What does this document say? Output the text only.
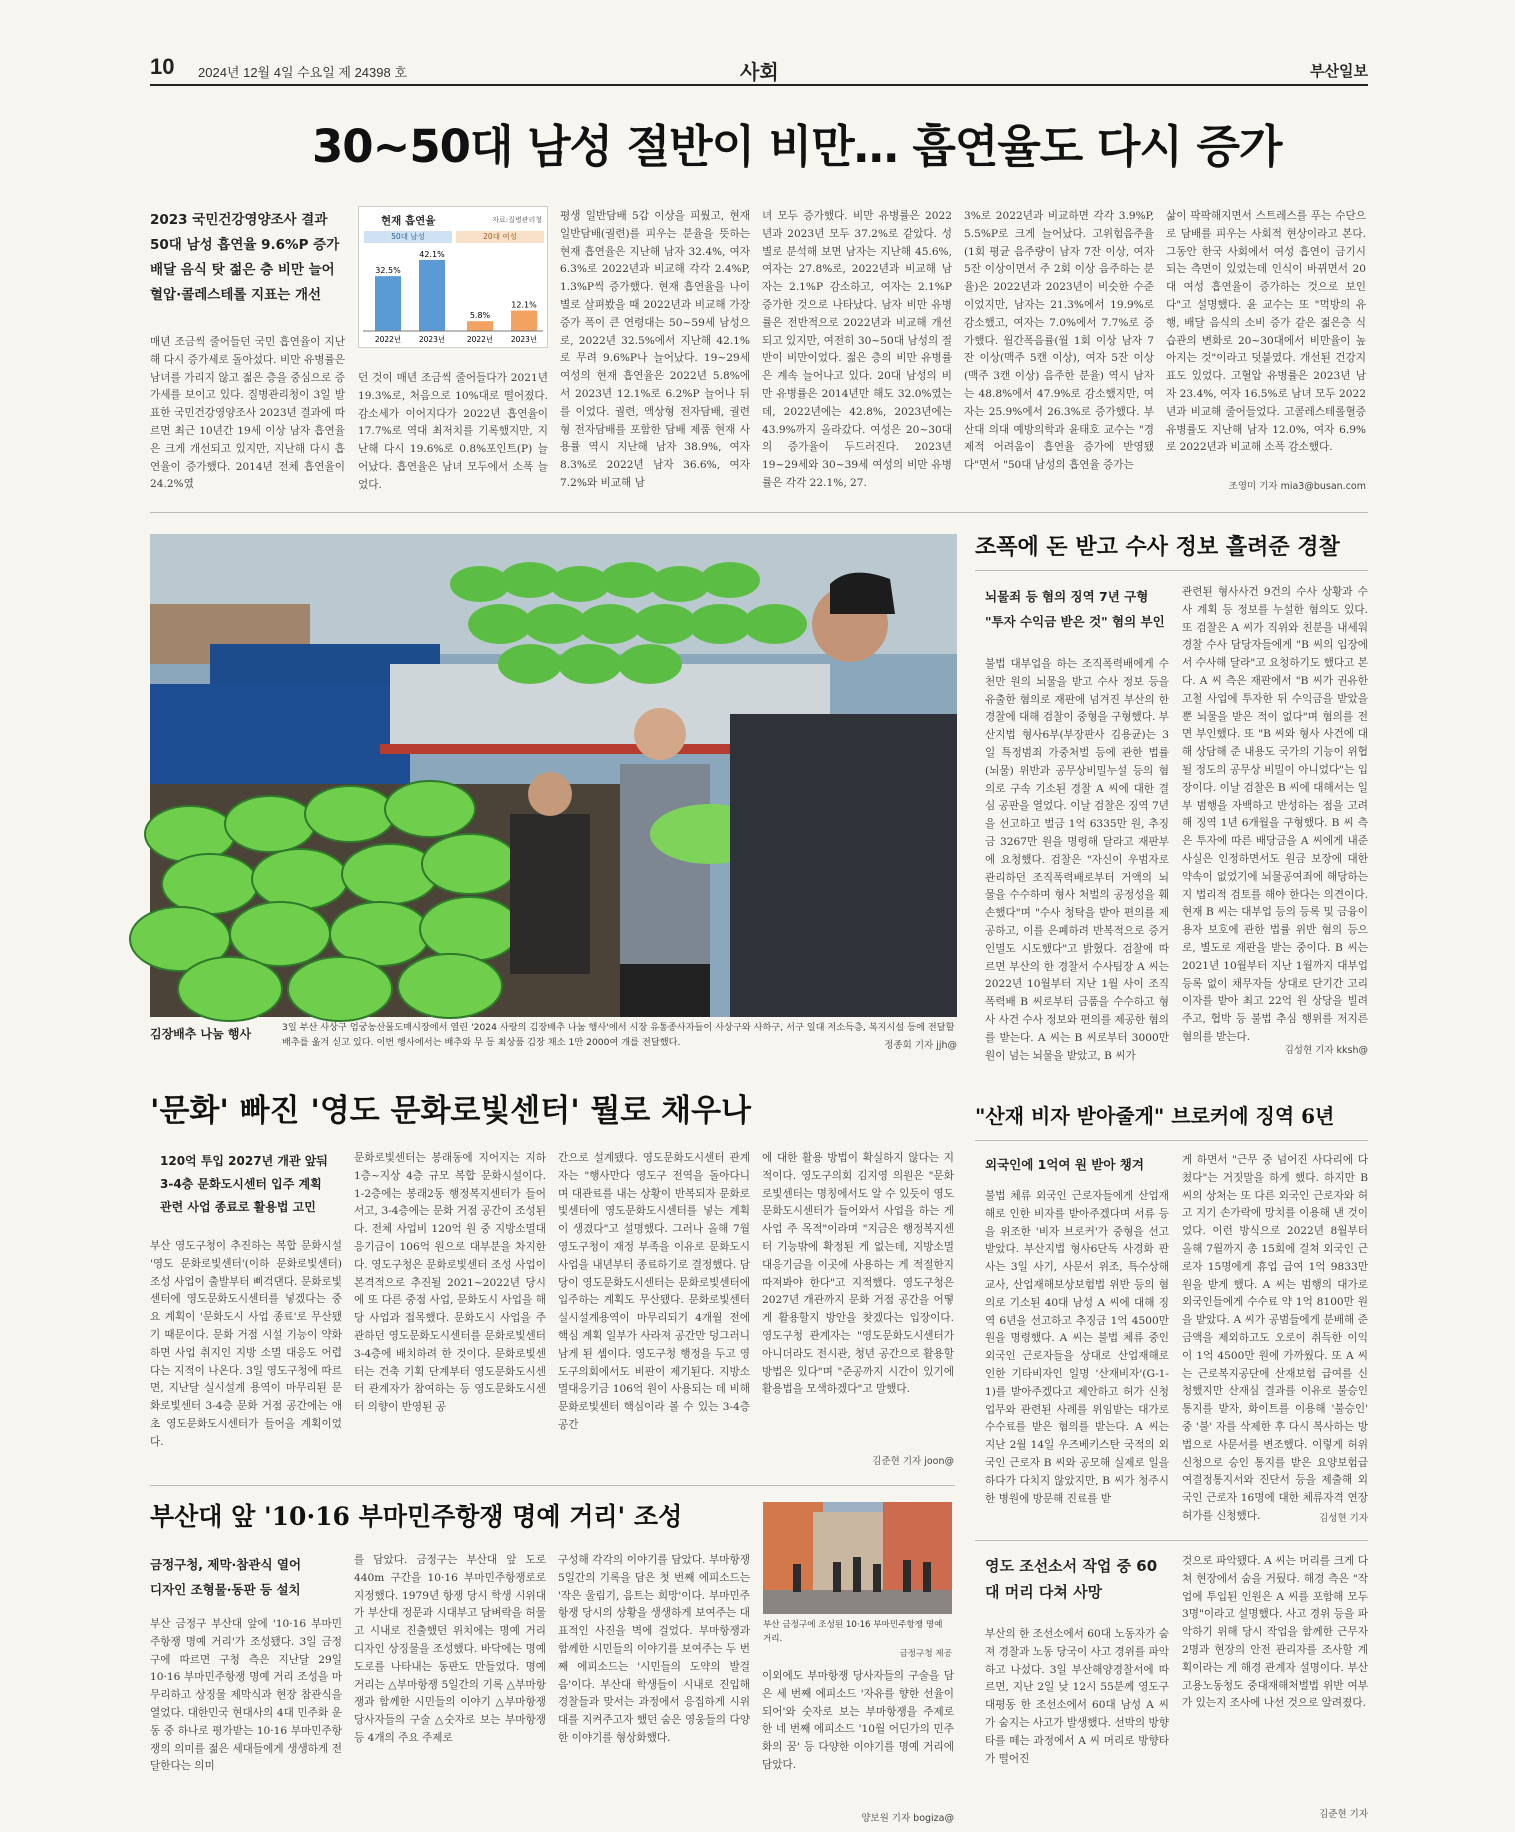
10 2024년 12월 4일 수요일 제 24398 호	사회	부산일보
30~50대 남성 절반이 비만… 흡연율도 다시 증가
2023 국민건강영양조사 결과
50대 남성 흡연율 9.6%P 증가
배달 음식 탓 젊은 층 비만 늘어
혈압·콜레스테롤 지표는 개선
현재 흡연율	자료:질병관리청
50대 남성	20대 여성
32.5%
2022년
42.1%
2023년
5.8%
2022년
12.1%
2023년
매년 조금씩 줄어들던 국민 흡연율이 지난해 다시 증가세로 돌아섰다. 비만 유병률은 남녀를 가리지 않고 젊은 층을 중심으로 증가세를 보이고 있다. 질병관리청이 3일 발표한 국민건강영양조사 2023년 결과에 따르면 최근 10년간 19세 이상 남자 흡연율은 크게 개선되고 있지만, 지난해 다시 흡연율이 증가했다. 2014년 전체 흡연율이 24.2%였
던 것이 매년 조금씩 줄어들다가 2021년 19.3%로, 처음으로 10%대로 떨어졌다. 감소세가 이어지다가 2022년 흡연율이 17.7%로 역대 최저치를 기록했지만, 지난해 다시 19.6%로 0.8%포인트(P) 늘어났다. 흡연율은 남녀 모두에서 소폭 늘었다.
평생 일반담배 5갑 이상을 피웠고, 현재 일반담배(궐련)를 피우는 분율을 뜻하는 현재 흡연율은 지난해 남자 32.4%, 여자 6.3%로 2022년과 비교해 각각 2.4%P, 1.3%P씩 증가했다. 현재 흡연율을 나이별로 살펴봤을 때 2022년과 비교해 가장 증가 폭이 큰 연령대는 50~59세 남성으로, 2022년 32.5%에서 지난해 42.1%로 무려 9.6%P나 늘어났다. 19~29세 여성의 현재 흡연율은 2022년 5.8%에서 2023년 12.1%로 6.2%P 늘어나 뒤를 이었다. 궐련, 액상형 전자담배, 궐련형 전자담배를 포함한 담배 제품 현재 사용률 역시 지난해 남자 38.9%, 여자 8.3%로 2022년 남자 36.6%, 여자 7.2%와 비교해 남
녀 모두 증가했다. 비만 유병률은 2022년과 2023년 모두 37.2%로 같았다. 성별로 분석해 보면 남자는 지난해 45.6%, 여자는 27.8%로, 2022년과 비교해 남자는 2.1%P 감소하고, 여자는 2.1%P 증가한 것으로 나타났다. 남자 비만 유병률은 전반적으로 2022년과 비교해 개선되고 있지만, 여전히 30~50대 남성의 절반이 비만이었다. 젊은 층의 비만 유병률은 계속 늘어나고 있다. 20대 남성의 비만 유병률은 2014년만 해도 32.0%였는데, 2022년에는 42.8%, 2023년에는 43.9%까지 올라갔다. 여성은 20~30대의 증가율이 두드러진다. 2023년 19~29세와 30~39세 여성의 비만 유병률은 각각 22.1%, 27.
3%로 2022년과 비교하면 각각 3.9%P, 5.5%P로 크게 늘어났다. 고위험음주율(1회 평균 음주량이 남자 7잔 이상, 여자 5잔 이상이면서 주 2회 이상 음주하는 분율)은 2022년과 2023년이 비슷한 수준이었지만, 남자는 21.3%에서 19.9%로 감소했고, 여자는 7.0%에서 7.7%로 증가했다. 월간폭음률(월 1회 이상 남자 7잔 이상(맥주 5캔 이상), 여자 5잔 이상(맥주 3캔 이상) 음주한 분율) 역시 남자는 48.8%에서 47.9%로 감소했지만, 여자는 25.9%에서 26.3%로 증가했다. 부산대 의대 예방의학과 윤태호 교수는 "경제적 어려움이 흡연율 증가에 반영됐다"면서 "50대 남성의 흡연율 증가는
삶이 팍팍해지면서 스트레스를 푸는 수단으로 담배를 피우는 사회적 현상이라고 본다. 그동안 한국 사회에서 여성 흡연이 금기시되는 측면이 있었는데 인식이 바뀌면서 20대 여성 흡연율이 증가하는 것으로 보인다"고 설명했다. 윤 교수는 또 "먹방의 유행, 배달 음식의 소비 증가 같은 젊은층 식습관의 변화로 20~30대에서 비만율이 높아지는 것"이라고 덧붙였다. 개선된 건강지표도 있었다. 고혈압 유병률은 2023년 남자 23.4%, 여자 16.5%로 남녀 모두 2022년과 비교해 줄어들었다. 고콜레스테롤혈증 유병률도 지난해 남자 12.0%, 여자 6.9%로 2022년과 비교해 소폭 감소했다.
조영미 기자 mia3@busan.com
김장배추 나눔 행사	3일 부산 사상구 엄궁농산물도매시장에서 열린 '2024 사랑의 김장배추 나눔 행사'에서 시장 유통종사자들이 사상구와 사하구, 서구 일대 저소득층, 복지시설 등에 전달할 배추를 옮겨 싣고 있다. 이번 행사에서는 배추와 무 등 최상품 김장 채소 1만 2000여 개를 전달했다.	정종회 기자 jjh@
조폭에 돈 받고 수사 정보 흘려준 경찰
뇌물죄 등 혐의 징역 7년 구형
"투자 수익금 받은 것" 혐의 부인
불법 대부업을 하는 조직폭력배에게 수천만 원의 뇌물을 받고 수사 정보 등을 유출한 혐의로 재판에 넘겨진 부산의 한 경찰에 대해 검찰이 중형을 구형했다. 부산지법 형사6부(부장판사 김용균)는 3일 특정범죄 가중처벌 등에 관한 법률(뇌물) 위반과 공무상비밀누설 등의 혐의로 구속 기소된 경찰 A 씨에 대한 결심 공판을 열었다. 이날 검찰은 징역 7년을 선고하고 벌금 1억 6335만 원, 추징금 3267만 원을 명령해 달라고 재판부에 요청했다. 검찰은 "자신이 우범자로 관리하던 조직폭력배로부터 거액의 뇌물을 수수하며 형사 처벌의 공정성을 훼손했다"며 "수사 청탁을 받아 편의를 제공하고, 이를 은폐하려 반복적으로 증거 인멸도 시도했다"고 밝혔다. 검찰에 따르면 부산의 한 경찰서 수사팀장 A 씨는 2022년 10월부터 지난 1월 사이 조직폭력배 B 씨로부터 금품을 수수하고 형사 사건 수사 정보와 편의를 제공한 혐의를 받는다. A 씨는 B 씨로부터 3000만 원이 넘는 뇌물을 받았고, B 씨가
관련된 형사사건 9건의 수사 상황과 수사 계획 등 정보를 누설한 혐의도 있다. 또 검찰은 A 씨가 직위와 친분을 내세워 경찰 수사 담당자들에게 "B 씨의 입장에서 수사해 달라"고 요청하기도 했다고 본다. A 씨 측은 재판에서 "B 씨가 권유한 고철 사업에 투자한 뒤 수익금을 받았을 뿐 뇌물을 받은 적이 없다"며 혐의를 전면 부인했다. 또 "B 씨와 형사 사건에 대해 상담해 준 내용도 국가의 기능이 위협될 정도의 공무상 비밀이 아니었다"는 입장이다. 이날 검찰은 B 씨에 대해서는 일부 범행을 자백하고 반성하는 점을 고려해 징역 1년 6개월을 구형했다. B 씨 측은 투자에 따른 배당금을 A 씨에게 내준 사실은 인정하면서도 원금 보장에 대한 약속이 없었기에 뇌물공여죄에 해당하는지 법리적 검토를 해야 한다는 의견이다. 현재 B 씨는 대부업 등의 등록 및 금융이용자 보호에 관한 법률 위반 혐의 등으로, 별도로 재판을 받는 중이다. B 씨는 2021년 10월부터 지난 1월까지 대부업 등록 없이 채무자들 상대로 단기간 고리 이자를 받아 최고 22억 원 상당을 빌려주고, 협박 등 불법 추심 행위를 저지른 혐의를 받는다.
김성현 기자 kksh@
'문화' 빠진 '영도 문화로빛센터' 뭘로 채우나
120억 투입 2027년 개관 앞둬
3-4층 문화도시센터 입주 계획
관련 사업 종료로 활용법 고민
부산 영도구청이 추진하는 복합 문화시설 '영도 문화로빛센터'(이하 문화로빛센터) 조성 사업이 출발부터 삐걱댄다. 문화로빛센터에 영도문화도시센터를 넣겠다는 중요 계획이 '문화도시 사업 종료'로 무산됐기 때문이다. 문화 거점 시설 기능이 약화하면 사업 취지인 지방 소멸 대응도 어렵다는 지적이 나온다. 3일 영도구청에 따르면, 지난달 실시설계 용역이 마무리된 문화로빛센터 3-4층 문화 거점 공간에는 애초 영도문화도시센터가 들어올 계획이었다.
문화로빛센터는 봉래동에 지어지는 지하 1층~지상 4층 규모 복합 문화시설이다. 1-2층에는 봉래2동 행정복지센터가 들어서고, 3-4층에는 문화 거점 공간이 조성된다. 전체 사업비 120억 원 중 지방소멸대응기금이 106억 원으로 대부분을 차지한다. 영도구청은 문화로빛센터 조성 사업이 본격적으로 추진될 2021~2022년 당시에 또 다른 중점 사업, 문화도시 사업을 해당 사업과 접목했다. 문화도시 사업을 주관하던 영도문화도시센터를 문화로빛센터 3-4층에 배치하려 한 것이다. 문화로빛센터는 건축 기획 단계부터 영도문화도시센터 관계자가 참여하는 등 영도문화도시센터 의향이 반영된 공
간으로 설계됐다. 영도문화도시센터 관계자는 "행사만다 영도구 전역을 돌아다니며 대관료를 내는 상황이 반복되자 문화로빛센터에 영도문화도시센터를 넣는 계획이 생겼다"고 설명했다. 그러나 올해 7월 영도구청이 재정 부족을 이유로 문화도시 사업을 내년부터 종료하기로 결정했다. 담당이 영도문화도시센터는 문화로빛센터에 입주하는 계획도 무산됐다. 문화로빛센터 실시설계용역이 마무리되기 4개월 전에 핵심 계획 일부가 사라져 공간만 덩그러니 남게 된 셈이다. 영도구청 행정을 두고 영도구의회에서도 비판이 제기된다. 지방소멸대응기금 106억 원이 사용되는 데 비해 문화로빛센터 핵심이라 볼 수 있는 3-4층 공간
에 대한 활용 방법이 확실하지 않다는 지적이다. 영도구의회 김지영 의원은 "문화로빛센터는 명칭에서도 알 수 있듯이 영도문화도시센터가 들어와서 사업을 하는 게 사업 주 목적"이라며 "지금은 행정복지센터 기능밖에 확정된 게 없는데, 지방소멸대응기금을 이곳에 사용하는 게 적절한지 따져봐야 한다"고 지적했다. 영도구청은 2027년 개관까지 문화 거점 공간을 어떻게 활용할지 방안을 찾겠다는 입장이다. 영도구청 관계자는 "영도문화도시센터가 아니더라도 전시관, 청년 공간으로 활용할 방법은 있다"며 "준공까지 시간이 있기에 활용법을 모색하겠다"고 말했다.
김준현 기자 joon@
"산재 비자 받아줄게" 브로커에 징역 6년
외국인에 1억여 원 받아 챙겨
불법 체류 외국인 근로자들에게 산업재해로 인한 비자를 받아주겠다며 서류 등을 위조한 '비자 브로커'가 중형을 선고받았다. 부산지법 형사6단독 사경화 판사는 3일 사기, 사문서 위조, 특수상해 교사, 산업재해보상보험법 위반 등의 혐의로 기소된 40대 남성 A 씨에 대해 징역 6년을 선고하고 추징금 1억 4500만 원을 명령했다. A 씨는 불법 체류 중인 외국인 근로자들을 상대로 산업재해로 인한 기타비자인 일명 '산재비자'(G-1-1)를 받아주겠다고 제안하고 허가 신청 업무와 관련된 사례를 위임받는 대가로 수수료를 받은 혐의를 받는다. A 씨는 지난 2월 14일 우즈베키스탄 국적의 외국인 근로자 B 씨와 공모해 실제로 일을 하다가 다치지 않았지만, B 씨가 청주시 한 병원에 방문해 진료를 받
게 하면서 "근무 중 넘어진 사다리에 다쳤다"는 거짓말을 하게 했다. 하지만 B 씨의 상처는 또 다른 외국인 근로자와 허고 지기 손가락에 망치를 이용해 낸 것이었다. 이런 방식으로 2022년 8월부터 올해 7월까지 총 15회에 걸쳐 외국인 근로자 15명에게 휴업 급여 1억 9833만 원을 받게 했다. A 씨는 범행의 대가로 외국인들에게 수수료 약 1억 8100만 원을 받았다. A 씨가 공범들에게 분배해 준 금액을 제외하고도 오로이 취득한 이익이 1억 4500만 원에 가까웠다. 또 A 씨는 근로복지공단에 산재보험 급여를 신청했지만 산재심 결과를 이유로 불승인 통지를 받자, 화이트를 이용해 '불승인' 중 '불' 자를 삭제한 후 다시 복사하는 방법으로 사문서를 변조했다. 이렇게 허위 신청으로 승인 통지를 받은 요양보험급여결정통지서와 진단서 등을 제출해 외국인 근로자 16명에 대한 체류자격 연장 허가를 신청했다.	김성현 기자
부산대 앞 '10·16 부마민주항쟁 명예 거리' 조성
금정구청, 제막·참관식 열어
디자인 조형물·동판 등 설치
부산 금정구 부산대 앞에 '10·16 부마민주항쟁 명예 거리'가 조성됐다. 3일 금정구에 따르면 구청 측은 지난달 29일 10·16 부마민주항쟁 명예 거리 조성을 마무리하고 상징물 제막식과 현장 참관식을 열었다. 대한민국 현대사의 4대 민주화 운동 중 하나로 평가받는 10·16 부마민주항쟁의 의미를 젊은 세대들에게 생생하게 전달한다는 의미
를 담았다. 금정구는 부산대 앞 도로 440m 구간을 10·16 부마민주항쟁로로 지정했다. 1979년 항쟁 당시 학생 시위대가 부산대 정문과 시대부고 담벼락을 허물고 시내로 진출했던 위치에는 명예 거리 디자인 상징물을 조성했다. 바닥에는 명예 도로를 나타내는 동판도 만들었다. 명예 거리는 △부마항쟁 5일간의 기록 △부마항쟁과 함께한 시민들의 이야기 △부마항쟁 당사자들의 구술 △숫자로 보는 부마항쟁 등 4개의 주요 주제로
구성해 각각의 이야기를 담았다. 부마항쟁 5일간의 기록을 담은 첫 번째 에피소드는 '작은 울림기, 음트는 희망'이다. 부마민주항쟁 당시의 상황을 생생하게 보여주는 대표적인 사진을 벽에 걸었다. 부마항쟁과 함께한 시민들의 이야기를 보여주는 두 번째 에피소드는 '시민들의 도약의 발걸음'이다. 부산대 학생들이 시내로 진입해 경찰들과 맞서는 과정에서 응집하게 시위대를 지켜주고자 했던 숨은 영웅들의 다양한 이야기를 형상화했다.
부산 금정구에 조성된 10·16 부마민주항쟁 명예 거리.
금정구청 제공
이외에도 부마항쟁 당사자들의 구술을 담은 세 번째 에피소드 '자유를 향한 선율이 되어'와 숫자로 보는 부마항쟁을 주제로 한 네 번째 에피소드 '10월 어딘가의 민주화의 꿈' 등 다양한 이야기를 명예 거리에 담았다.
양보원 기자 bogiza@
영도 조선소서 작업 중 60대 머리 다쳐 사망
부산의 한 조선소에서 60대 노동자가 숨져 경찰과 노동 당국이 사고 경위를 파악하고 나섰다. 3일 부산해양경찰서에 따르면, 지난 2일 낮 12시 55분께 영도구 대평동 한 조선소에서 60대 남성 A 씨가 숨지는 사고가 발생했다. 선박의 방향타를 떼는 과정에서 A 씨 머리로 방향타가 떨어진
것으로 파악됐다. A 씨는 머리를 크게 다쳐 현장에서 숨을 거뒀다. 해경 측은 "작업에 투입된 인원은 A 씨를 포함해 모두 3명"이라고 설명했다. 사고 경위 등을 파악하기 위해 당시 작업을 함께한 근무자 2명과 현장의 안전 관리자를 조사할 계획이라는 게 해경 관계자 설명이다. 부산고용노동청도 중대재해처벌법 위반 여부가 있는지 조사에 나선 것으로 알려졌다.
김준현 기자
